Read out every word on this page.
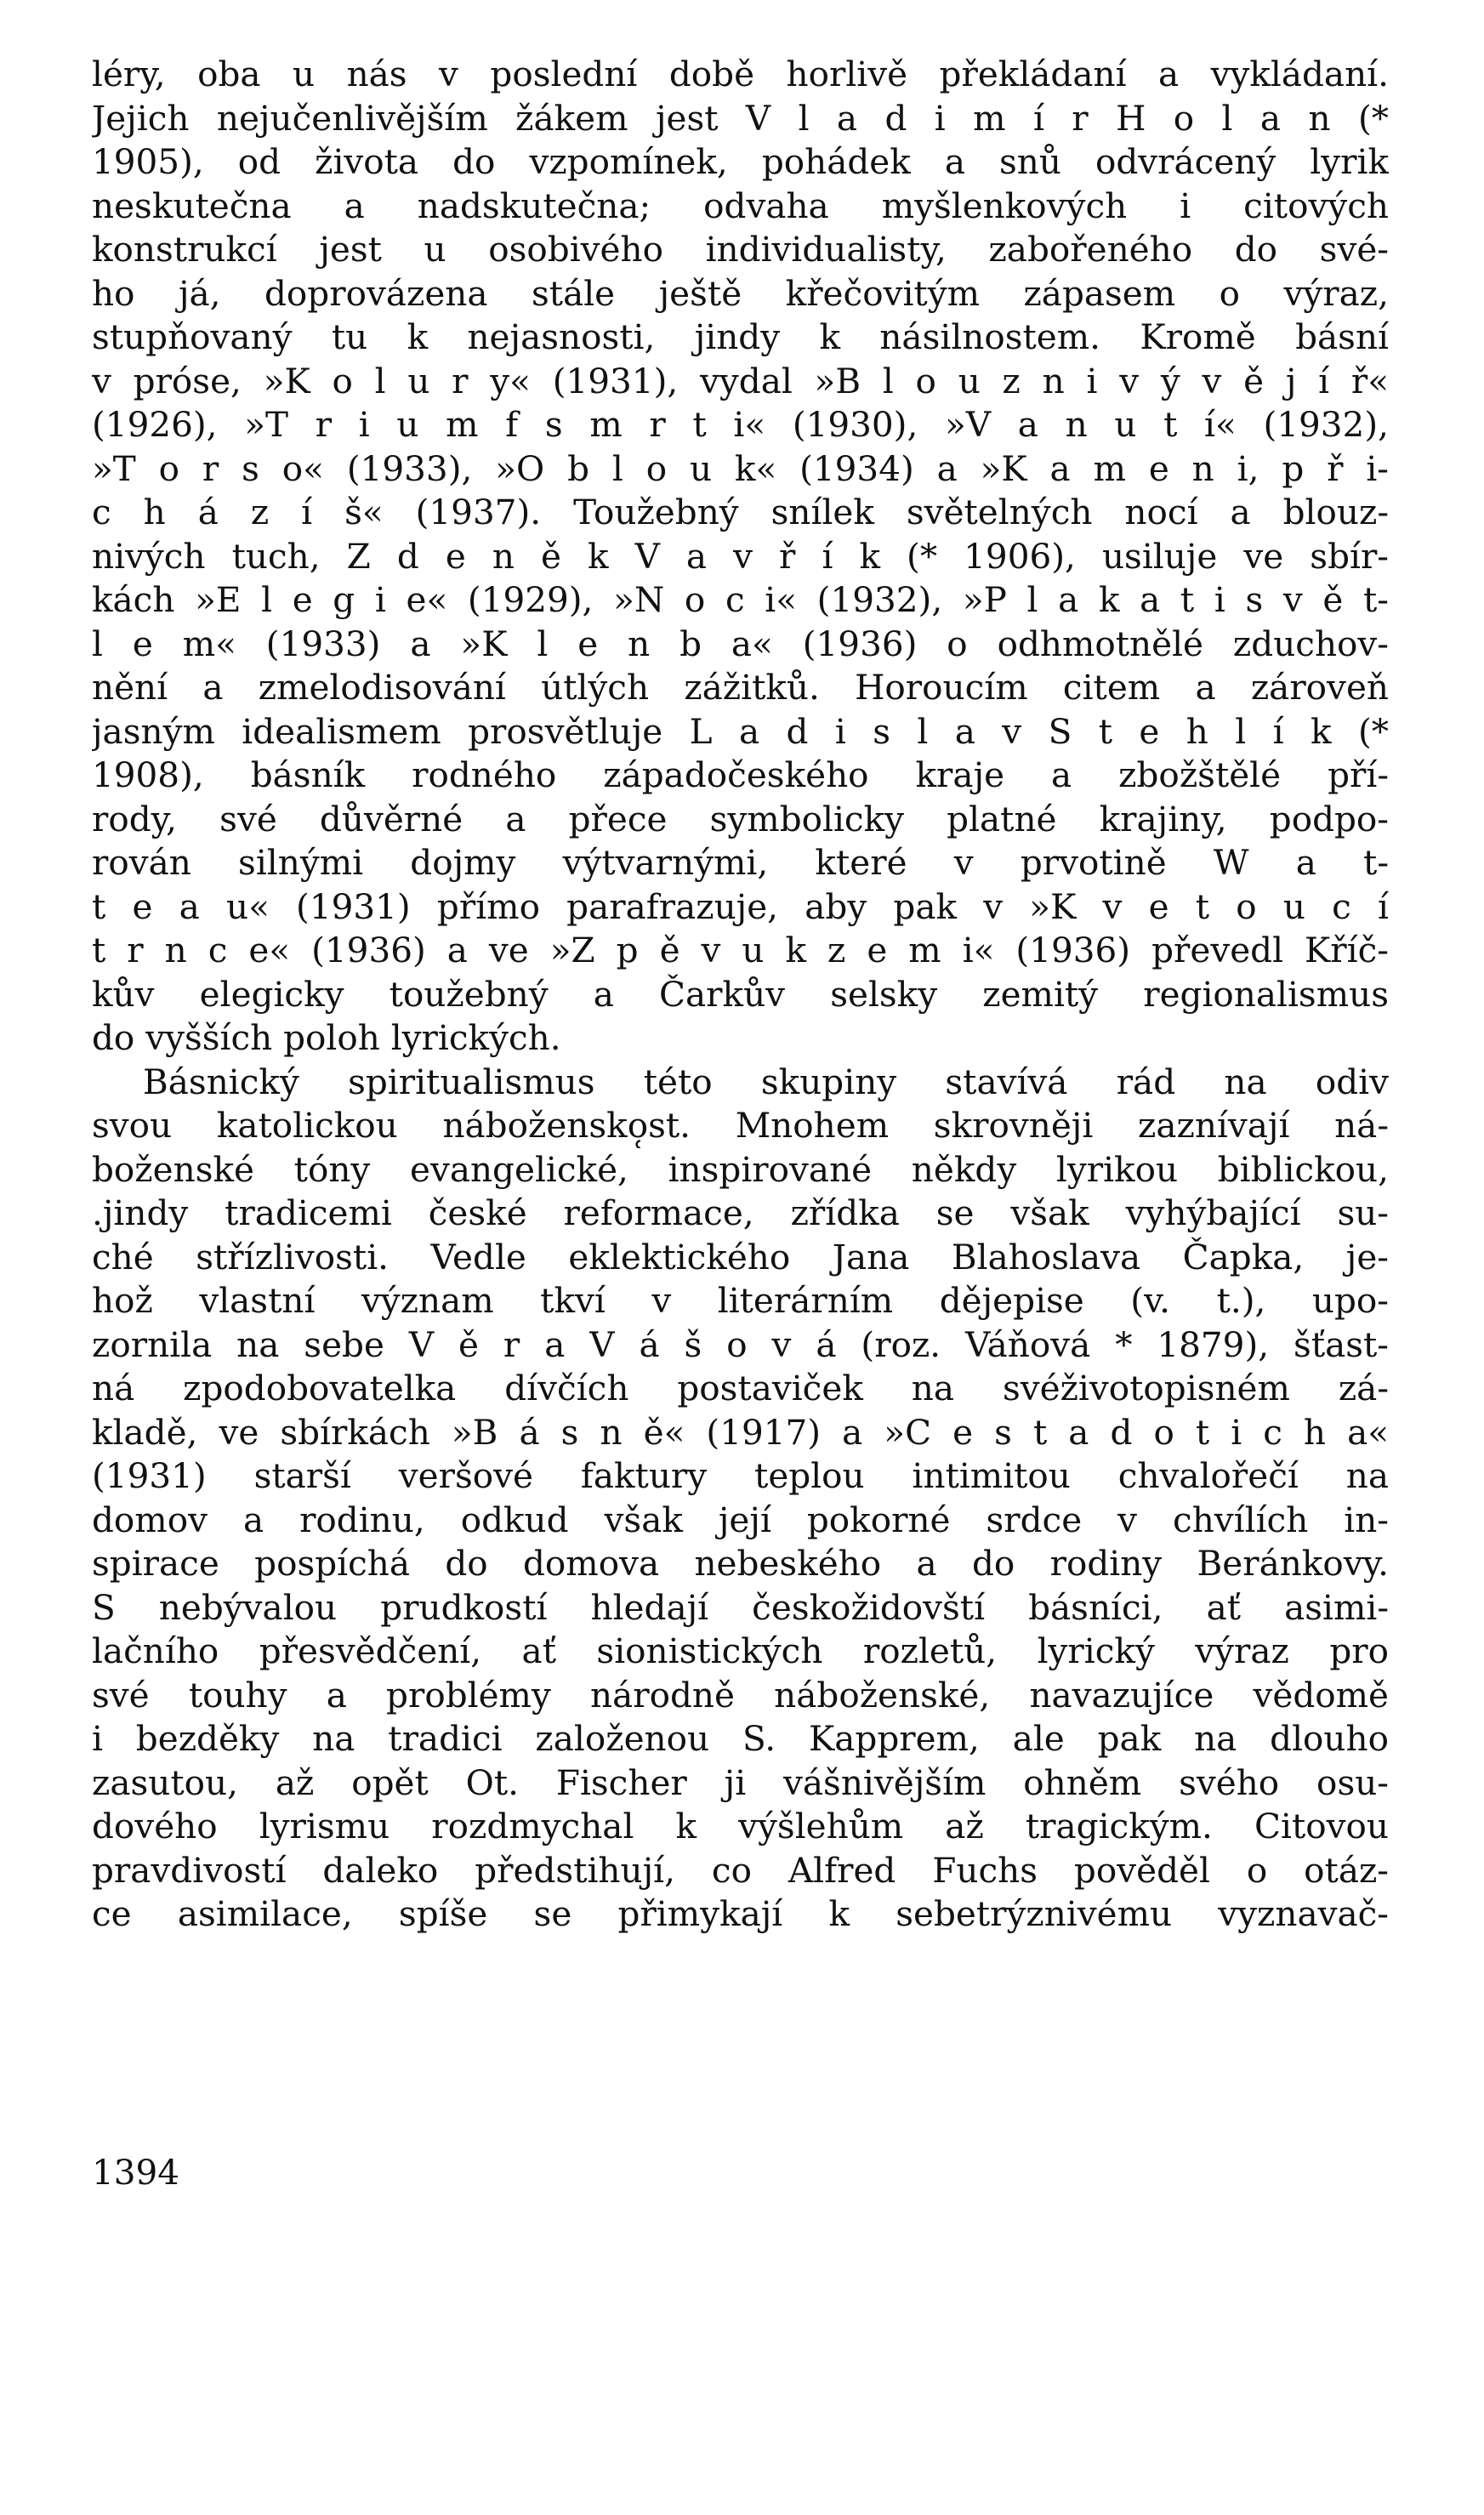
léry, oba u nás v poslední době horlivě překládaní a vykládaní.
Jejich nejučenlivějším žákem jest V l a d i m í r H o l a n (*
1905), od života do vzpomínek, pohádek a snů odvrácený lyrik
neskutečna a nadskutečna; odvaha myšlenkových i citových
konstrukcí jest u osobivého individualisty, zabořeného do své-
ho já, doprovázena stále ještě křečovitým zápasem o výraz,
stupňovaný tu k nejasnosti, jindy k násilnostem. Kromě básní
v próse, »K o l u r y« (1931), vydal »B l o u z n i v ý v ě j í ř«
(1926), »T r i u m f s m r t i« (1930), »V a n u t í« (1932),
»T o r s o« (1933), »O b l o u k« (1934) a »K a m e n i, p ř i-
c h á z í š« (1937). Toužebný snílek světelných nocí a blouz-
nivých tuch, Z d e n ě k V a v ř í k (* 1906), usiluje ve sbír-
kách »E l e g i e« (1929), »N o c i« (1932), »P l a k a t i s v ě t-
l e m« (1933) a »K l e n b a« (1936) o odhmotnělé zduchov-
nění a zmelodisování útlých zážitků. Horoucím citem a zároveň
jasným idealismem prosvětluje L a d i s l a v S t e h l í k (*
1908), básník rodného západočeského kraje a zbožštělé pří-
rody, své důvěrné a přece symbolicky platné krajiny, podpo-
rován silnými dojmy výtvarnými, které v prvotině W a t-
t e a u« (1931) přímo parafrazuje, aby pak v »K v e t o u c í
t r n c e« (1936) a ve »Z p ě v u k z e m i« (1936) převedl Kříč-
kův elegicky toužebný a Čarkův selsky zemitý regionalismus
do vyšších poloh lyrických.
Básnický spiritualismus této skupiny stavívá rád na odiv
svou katolickou nábožensko̜st. Mnohem skrovněji zaznívají ná-
boženské tóny evangelické, inspirované někdy lyrikou biblickou,
.jindy tradicemi české reformace, zřídka se však vyhýbající su-
ché střízlivosti. Vedle eklektického Jana Blahoslava Čapka, je-
hož vlastní význam tkví v literárním dějepise (v. t.), upo-
zornila na sebe V ě r a V á š o v á (roz. Váňová * 1879), šťast-
ná zpodobovatelka dívčích postaviček na svéživotopisném zá-
kladě, ve sbírkách »B á s n ě« (1917) a »C e s t a d o t i c h a«
(1931) starší veršové faktury teplou intimitou chvalořečí na
domov a rodinu, odkud však její pokorné srdce v chvílích in-
spirace pospíchá do domova nebeského a do rodiny Beránkovy.
S nebývalou prudkostí hledají českožidovští básníci, ať asimi-
lačního přesvědčení, ať sionistických rozletů, lyrický výraz pro
své touhy a problémy národně náboženské, navazujíce vědomě
i bezděky na tradici založenou S. Kapprem, ale pak na dlouho
zasutou, až opět Ot. Fischer ji vášnivějším ohněm svého osu-
dového lyrismu rozdmychal k výšlehům až tragickým. Citovou
pravdivostí daleko předstihují, co Alfred Fuchs pověděl o otáz-
ce asimilace, spíše se přimykají k sebetrýznivému vyznavač-

1394
